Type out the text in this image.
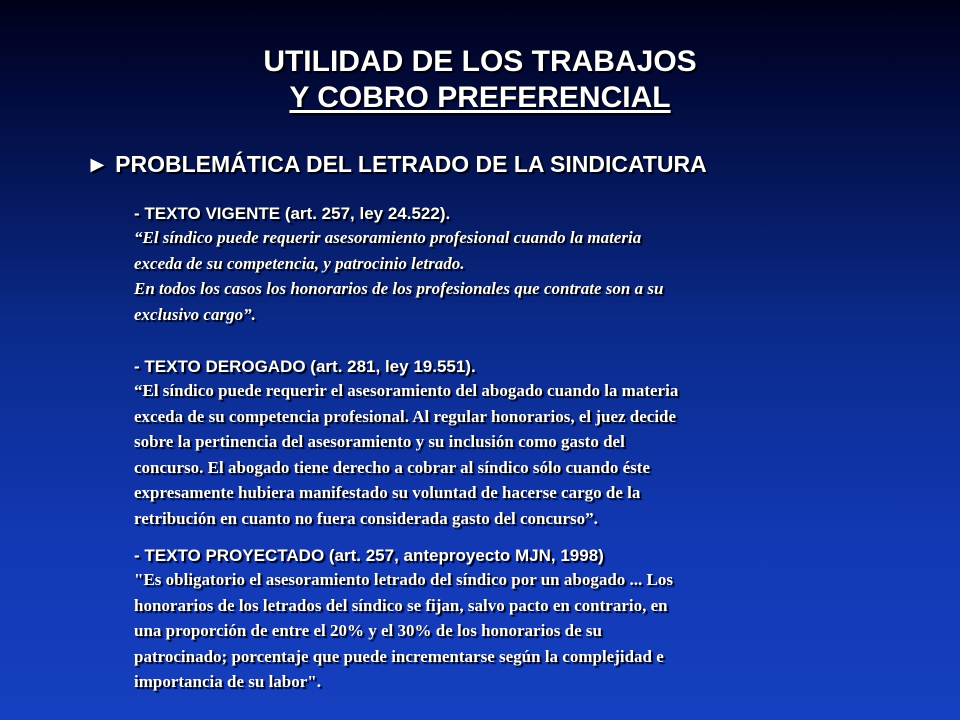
UTILIDAD DE LOS TRABAJOS
Y COBRO PREFERENCIAL
► PROBLEMÁTICA DEL LETRADO DE LA SINDICATURA
- TEXTO VIGENTE (art. 257, ley 24.522).
“El síndico puede requerir asesoramiento profesional cuando la materia
exceda de su competencia, y patrocinio letrado.
En todos los casos los honorarios de los profesionales que contrate son a su
exclusivo cargo”.
- TEXTO DEROGADO (art. 281, ley 19.551).
“El síndico puede requerir el asesoramiento del abogado cuando la materia
exceda de su competencia profesional. Al regular honorarios, el juez decide
sobre la pertinencia del asesoramiento y su inclusión como gasto del
concurso. El abogado tiene derecho a cobrar al síndico sólo cuando éste
expresamente hubiera manifestado su voluntad de hacerse cargo de la
retribución en cuanto no fuera considerada gasto del concurso”.
- TEXTO PROYECTADO (art. 257, anteproyecto MJN, 1998)
"Es obligatorio el asesoramiento letrado del síndico por un abogado ... Los
honorarios de los letrados del síndico se fijan, salvo pacto en contrario, en
una proporción de entre el 20% y el 30% de los honorarios de su
patrocinado; porcentaje que puede incrementarse según la complejidad e
importancia de su labor".
